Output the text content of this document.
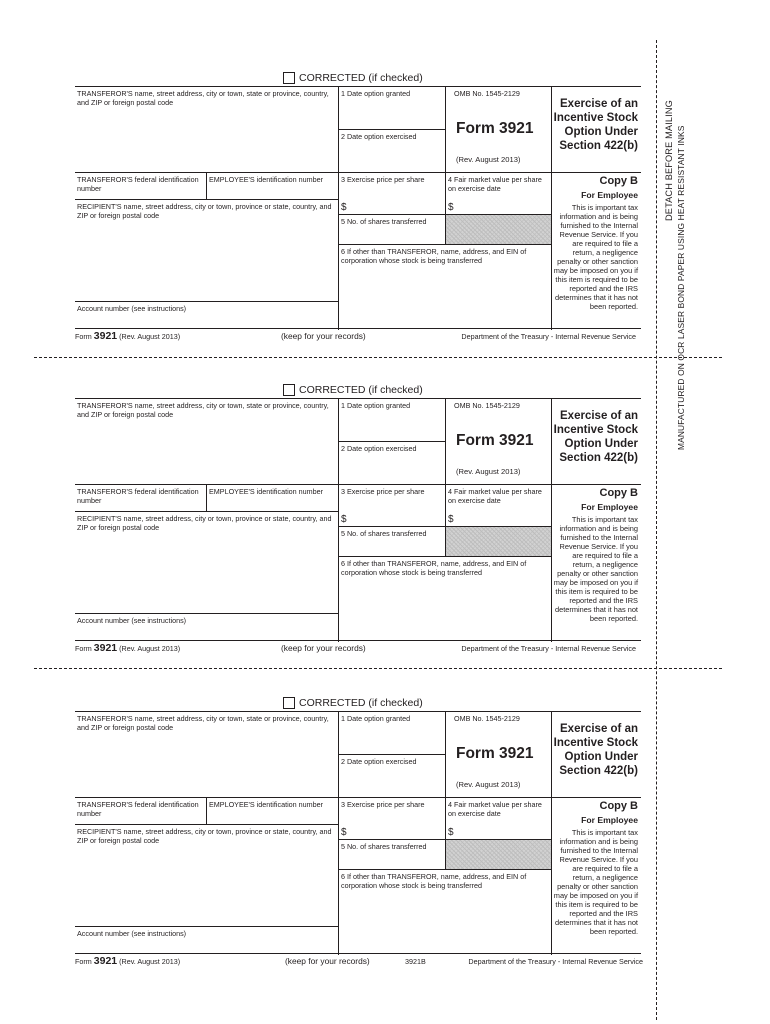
CORRECTED (if checked)
TRANSFEROR'S name, street address, city or town, state or province, country, and ZIP or foreign postal code
1 Date option granted
2 Date option exercised
OMB No. 1545-2129
Form 3921
(Rev. August 2013)
Exercise of an Incentive Stock Option Under Section 422(b)
TRANSFEROR'S federal identification number
EMPLOYEE'S identification number	3 Exercise price per share	4 Fair market value per share on exercise date
RECIPIENT'S name, street address, city or town, province or state, country, and ZIP or foreign postal code
$	$
5 No. of shares transferred
6 If other than TRANSFEROR, name, address, and EIN of corporation whose stock is being transferred
Account number (see instructions)
Copy B
For Employee
This is important tax information and is being furnished to the Internal Revenue Service. If you are required to file a return, a negligence penalty or other sanction may be imposed on you if this item is required to be reported and the IRS determines that it has not been reported.
Form 3921 (Rev. August 2013)	(keep for your records)	Department of the Treasury - Internal Revenue Service
CORRECTED (if checked)
TRANSFEROR'S name, street address, city or town, state or province, country, and ZIP or foreign postal code
1 Date option granted
2 Date option exercised
OMB No. 1545-2129
Form 3921
(Rev. August 2013)
Exercise of an Incentive Stock Option Under Section 422(b)
TRANSFEROR'S federal identification number
EMPLOYEE'S identification number	3 Exercise price per share	4 Fair market value per share on exercise date
RECIPIENT'S name, street address, city or town, province or state, country, and ZIP or foreign postal code
$	$
5 No. of shares transferred
6 If other than TRANSFEROR, name, address, and EIN of corporation whose stock is being transferred
Account number (see instructions)
Copy B
For Employee
This is important tax information and is being furnished to the Internal Revenue Service. If you are required to file a return, a negligence penalty or other sanction may be imposed on you if this item is required to be reported and the IRS determines that it has not been reported.
Form 3921 (Rev. August 2013)	(keep for your records)	Department of the Treasury - Internal Revenue Service
CORRECTED (if checked)
TRANSFEROR'S name, street address, city or town, state or province, country, and ZIP or foreign postal code
1 Date option granted
2 Date option exercised
OMB No. 1545-2129
Form 3921
(Rev. August 2013)
Exercise of an Incentive Stock Option Under Section 422(b)
TRANSFEROR'S federal identification number
EMPLOYEE'S identification number	3 Exercise price per share	4 Fair market value per share on exercise date
RECIPIENT'S name, street address, city or town, province or state, country, and ZIP or foreign postal code
$	$
5 No. of shares transferred
6 If other than TRANSFEROR, name, address, and EIN of corporation whose stock is being transferred
Account number (see instructions)
Copy B
For Employee
This is important tax information and is being furnished to the Internal Revenue Service. If you are required to file a return, a negligence penalty or other sanction may be imposed on you if this item is required to be reported and the IRS determines that it has not been reported.
Form 3921 (Rev. August 2013)	(keep for your records)	3921B	Department of the Treasury - Internal Revenue Service
DETACH BEFORE MAILING MANUFACTURED ON OCR LASER BOND PAPER USING HEAT RESISTANT INKS
